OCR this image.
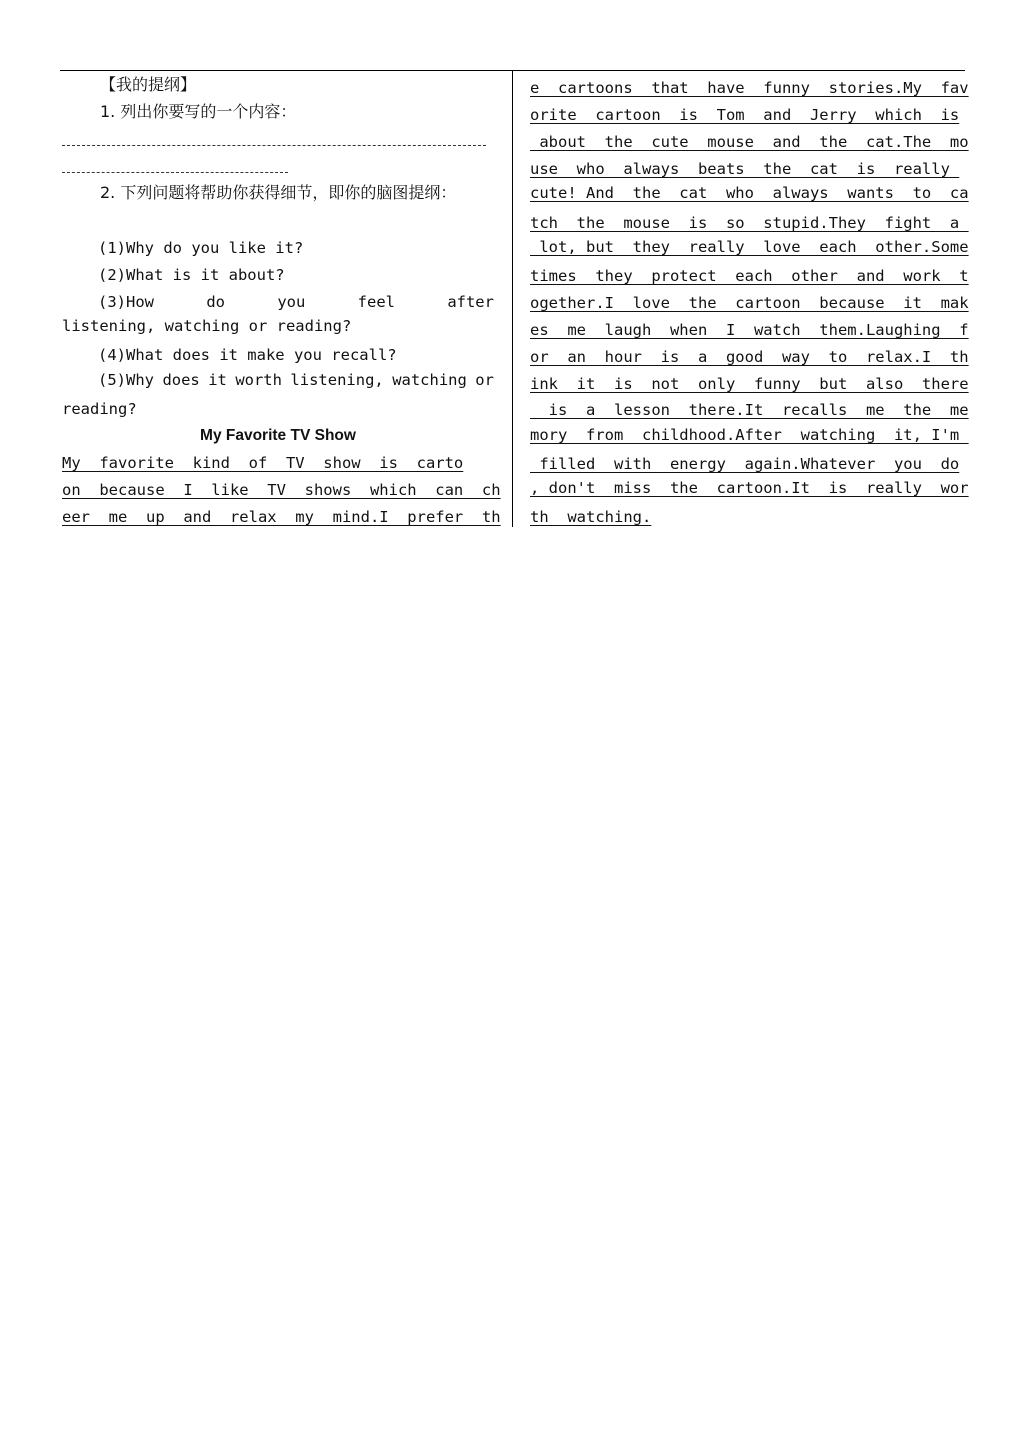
【我的提纲】
1. 列出你要写的一个内容：
2. 下列问题将帮助你获得细节，即你的脑图提纲：
(1)Why do you like it?
(2)What is it about?
(3)How	do	you	feel	after
listening, watching or reading?
(4)What does it make you recall?
(5)Why does it worth listening, watching or
reading?
My Favorite TV Show
My  favorite  kind  of  TV  show  is  carto
on  because  I  like  TV  shows  which  can  ch
eer  me  up  and  relax  my  mind.I  prefer  th
e  cartoons  that  have  funny  stories.My  fav
orite  cartoon  is  Tom  and  Jerry  which  is
about  the  cute  mouse  and  the  cat.The  mo
use  who  always  beats  the  cat  is  really
cute! And  the  cat  who  always  wants  to  ca
tch  the  mouse  is  so  stupid.They  fight  a
lot, but  they  really  love  each  other.Some
times  they  protect  each  other  and  work  t
ogether.I  love  the  cartoon  because  it  mak
es  me  laugh  when  I  watch  them.Laughing  f
or  an  hour  is  a  good  way  to  relax.I  th
ink  it  is  not  only  funny  but  also  there
is  a  lesson  there.It  recalls  me  the  me
mory  from  childhood.After  watching  it, I'm
filled  with  energy  again.Whatever  you  do
, don't  miss  the  cartoon.It  is  really  wor
th  watching.
